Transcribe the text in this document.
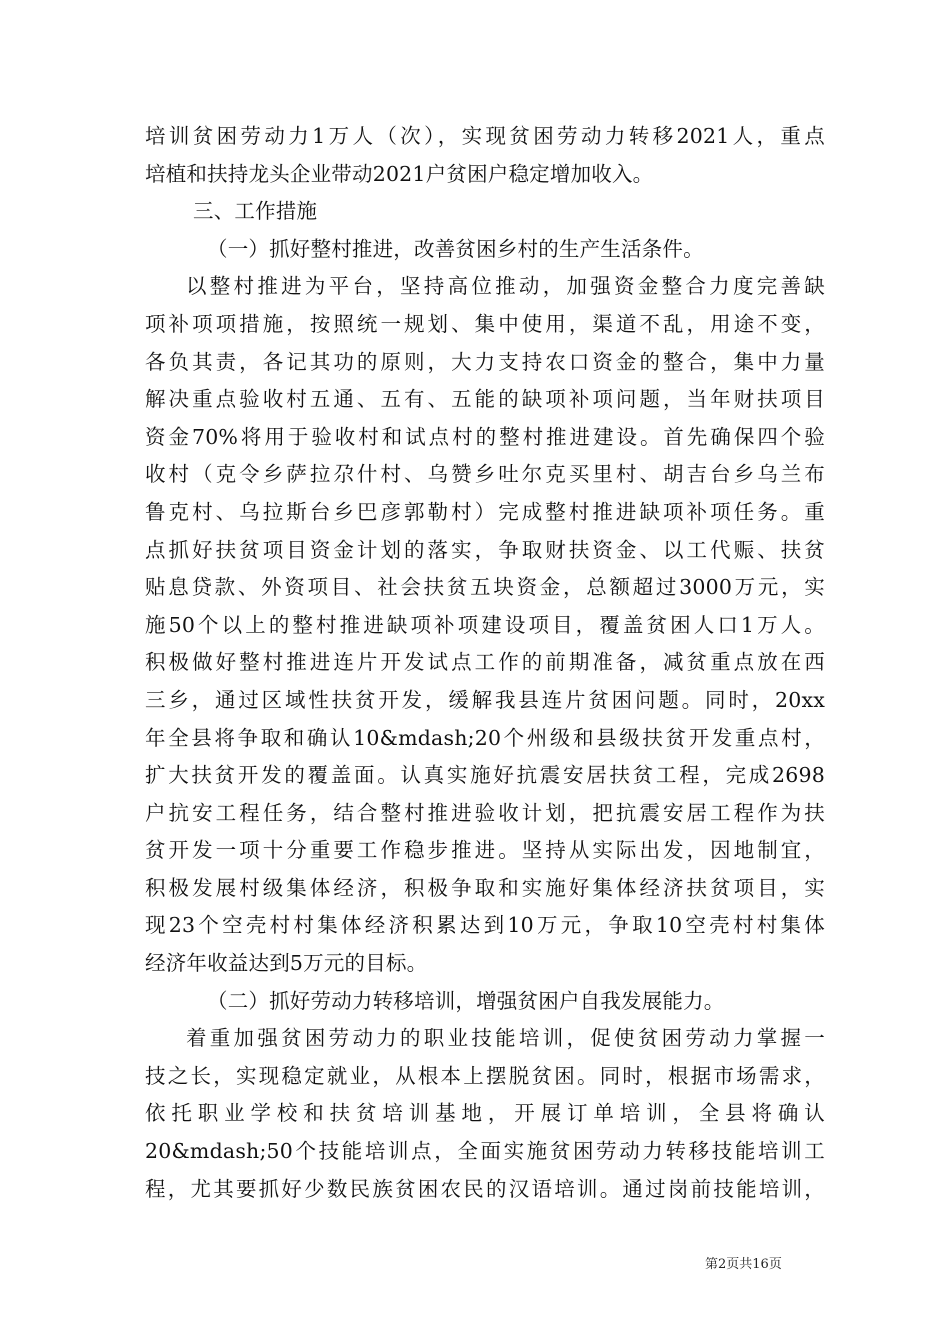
培训贫困劳动力1万人（次），实现贫困劳动力转移2021人，重点
培植和扶持龙头企业带动2021户贫困户稳定增加收入。
三、工作措施
（一）抓好整村推进，改善贫困乡村的生产生活条件。
以整村推进为平台，坚持高位推动，加强资金整合力度完善缺
项补项项措施，按照统一规划、集中使用，渠道不乱，用途不变，
各负其责，各记其功的原则，大力支持农口资金的整合，集中力量
解决重点验收村五通、五有、五能的缺项补项问题，当年财扶项目
资金70%将用于验收村和试点村的整村推进建设。首先确保四个验
收村（克令乡萨拉尕什村、乌赞乡吐尔克买里村、胡吉台乡乌兰布
鲁克村、乌拉斯台乡巴彦郭勒村）完成整村推进缺项补项任务。重
点抓好扶贫项目资金计划的落实，争取财扶资金、以工代赈、扶贫
贴息贷款、外资项目、社会扶贫五块资金，总额超过3000万元，实
施50个以上的整村推进缺项补项建设项目，覆盖贫困人口1万人。
积极做好整村推进连片开发试点工作的前期准备，减贫重点放在西
三乡，通过区域性扶贫开发，缓解我县连片贫困问题。同时，20xx
年全县将争取和确认10&mdash;20个州级和县级扶贫开发重点村，
扩大扶贫开发的覆盖面。认真实施好抗震安居扶贫工程，完成2698
户抗安工程任务，结合整村推进验收计划，把抗震安居工程作为扶
贫开发一项十分重要工作稳步推进。坚持从实际出发，因地制宜，
积极发展村级集体经济，积极争取和实施好集体经济扶贫项目，实
现23个空壳村村集体经济积累达到10万元，争取10空壳村村集体
经济年收益达到5万元的目标。
（二）抓好劳动力转移培训，增强贫困户自我发展能力。
着重加强贫困劳动力的职业技能培训，促使贫困劳动力掌握一
技之长，实现稳定就业，从根本上摆脱贫困。同时，根据市场需求，
依托职业学校和扶贫培训基地，开展订单培训，全县将确认
20&mdash;50个技能培训点，全面实施贫困劳动力转移技能培训工
程，尤其要抓好少数民族贫困农民的汉语培训。通过岗前技能培训，
第2页共16页
